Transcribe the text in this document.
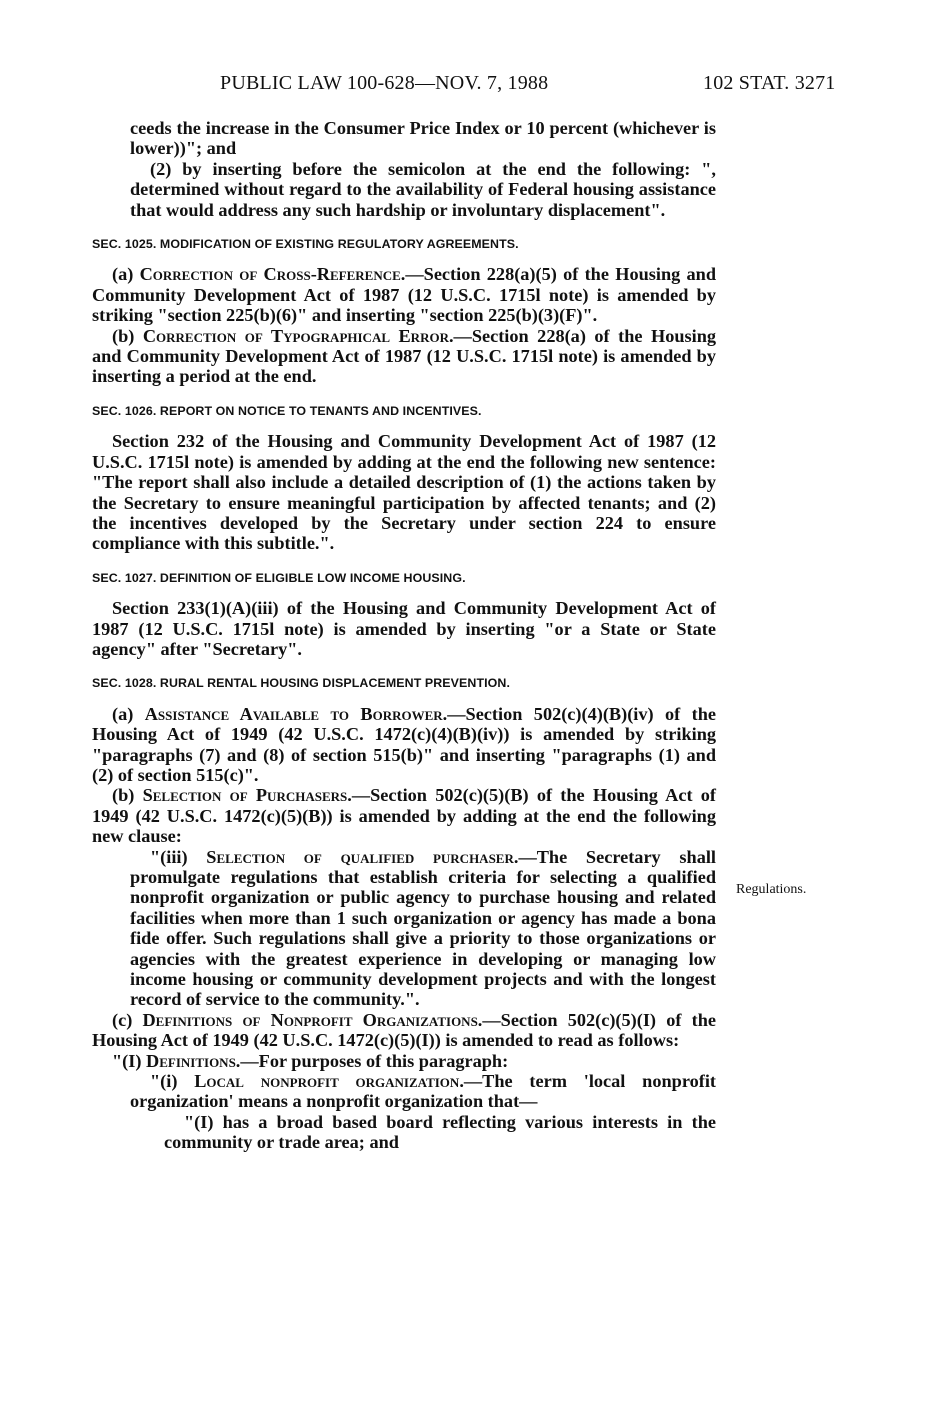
PUBLIC LAW 100-628—NOV. 7, 1988	102 STAT. 3271
Regulations.

ceeds the increase in the Consumer Price Index or 10 percent (whichever is lower))"; and

(2) by inserting before the semicolon at the end the following: ", determined without regard to the availability of Federal housing assistance that would address any such hardship or involuntary displacement".

SEC. 1025. MODIFICATION OF EXISTING REGULATORY AGREEMENTS.

(a) Correction of Cross-Reference.—Section 228(a)(5) of the Housing and Community Development Act of 1987 (12 U.S.C. 1715l note) is amended by striking "section 225(b)(6)" and inserting "section 225(b)(3)(F)".

(b) Correction of Typographical Error.—Section 228(a) of the Housing and Community Development Act of 1987 (12 U.S.C. 1715l note) is amended by inserting a period at the end.

SEC. 1026. REPORT ON NOTICE TO TENANTS AND INCENTIVES.

Section 232 of the Housing and Community Development Act of 1987 (12 U.S.C. 1715l note) is amended by adding at the end the following new sentence: "The report shall also include a detailed description of (1) the actions taken by the Secretary to ensure meaningful participation by affected tenants; and (2) the incentives developed by the Secretary under section 224 to ensure compliance with this subtitle.".

SEC. 1027. DEFINITION OF ELIGIBLE LOW INCOME HOUSING.

Section 233(1)(A)(iii) of the Housing and Community Development Act of 1987 (12 U.S.C. 1715l note) is amended by inserting "or a State or State agency" after "Secretary".

SEC. 1028. RURAL RENTAL HOUSING DISPLACEMENT PREVENTION.

(a) Assistance Available to Borrower.—Section 502(c)(4)(B)(iv) of the Housing Act of 1949 (42 U.S.C. 1472(c)(4)(B)(iv)) is amended by striking "paragraphs (7) and (8) of section 515(b)" and inserting "paragraphs (1) and (2) of section 515(c)".

(b) Selection of Purchasers.—Section 502(c)(5)(B) of the Housing Act of 1949 (42 U.S.C. 1472(c)(5)(B)) is amended by adding at the end the following new clause:

"(iii) Selection of qualified purchaser.—The Secretary shall promulgate regulations that establish criteria for selecting a qualified nonprofit organization or public agency to purchase housing and related facilities when more than 1 such organization or agency has made a bona fide offer. Such regulations shall give a priority to those organizations or agencies with the greatest experience in developing or managing low income housing or community development projects and with the longest record of service to the community.".

(c) Definitions of Nonprofit Organizations.—Section 502(c)(5)(I) of the Housing Act of 1949 (42 U.S.C. 1472(c)(5)(I)) is amended to read as follows:

"(I) Definitions.—For purposes of this paragraph:

"(i) Local nonprofit organization.—The term 'local nonprofit organization' means a nonprofit organization that—

"(I) has a broad based board reflecting various interests in the community or trade area; and
